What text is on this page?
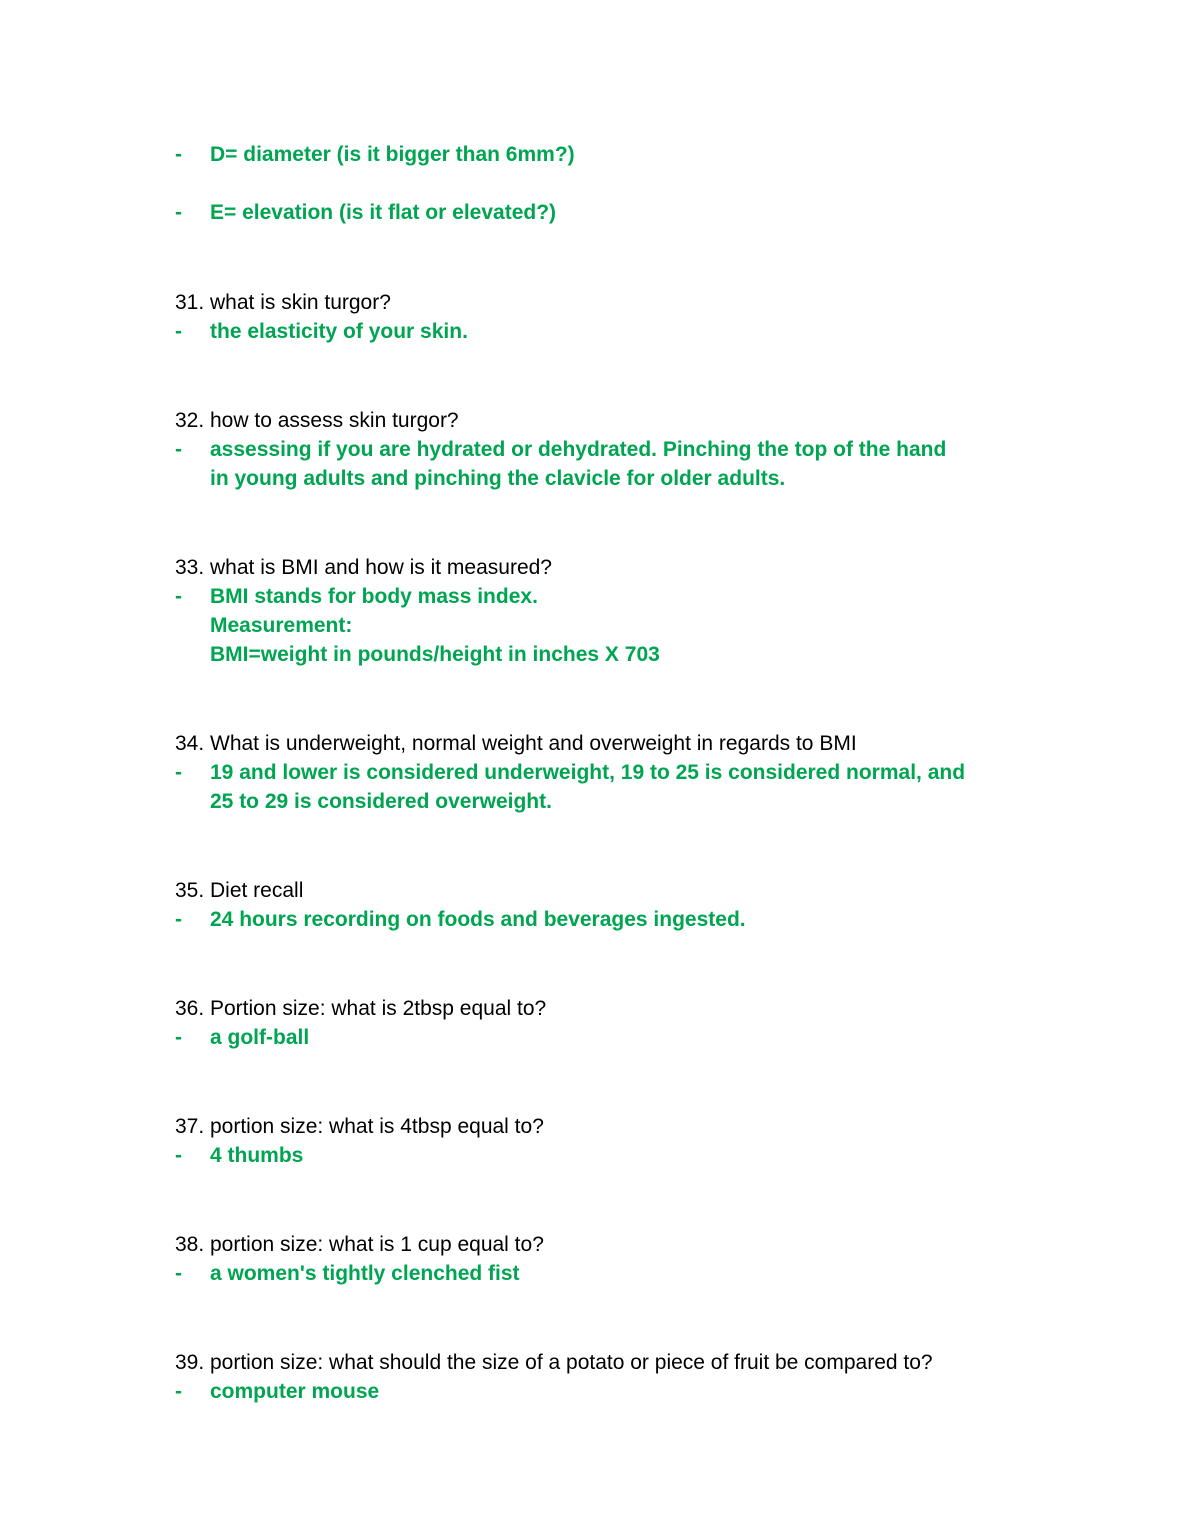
-	D= diameter (is it bigger than 6mm?)
-	E= elevation (is it flat or elevated?)
31. what is skin turgor?
-	the elasticity of your skin.
32. how to assess skin turgor?
-	assessing if you are hydrated or dehydrated. Pinching the top of the hand
in young adults and pinching the clavicle for older adults.
33. what is BMI and how is it measured?
-	BMI stands for body mass index.
Measurement:
BMI=weight in pounds/height in inches X 703
34. What is underweight, normal weight and overweight in regards to BMI
-	19 and lower is considered underweight, 19 to 25 is considered normal, and
25 to 29 is considered overweight.
35. Diet recall
-	24 hours recording on foods and beverages ingested.
36. Portion size: what is 2tbsp equal to?
-	a golf-ball
37. portion size: what is 4tbsp equal to?
-	4 thumbs
38. portion size: what is 1 cup equal to?
-	a women's tightly clenched fist
39. portion size: what should the size of a potato or piece of fruit be compared to?
-	computer mouse
